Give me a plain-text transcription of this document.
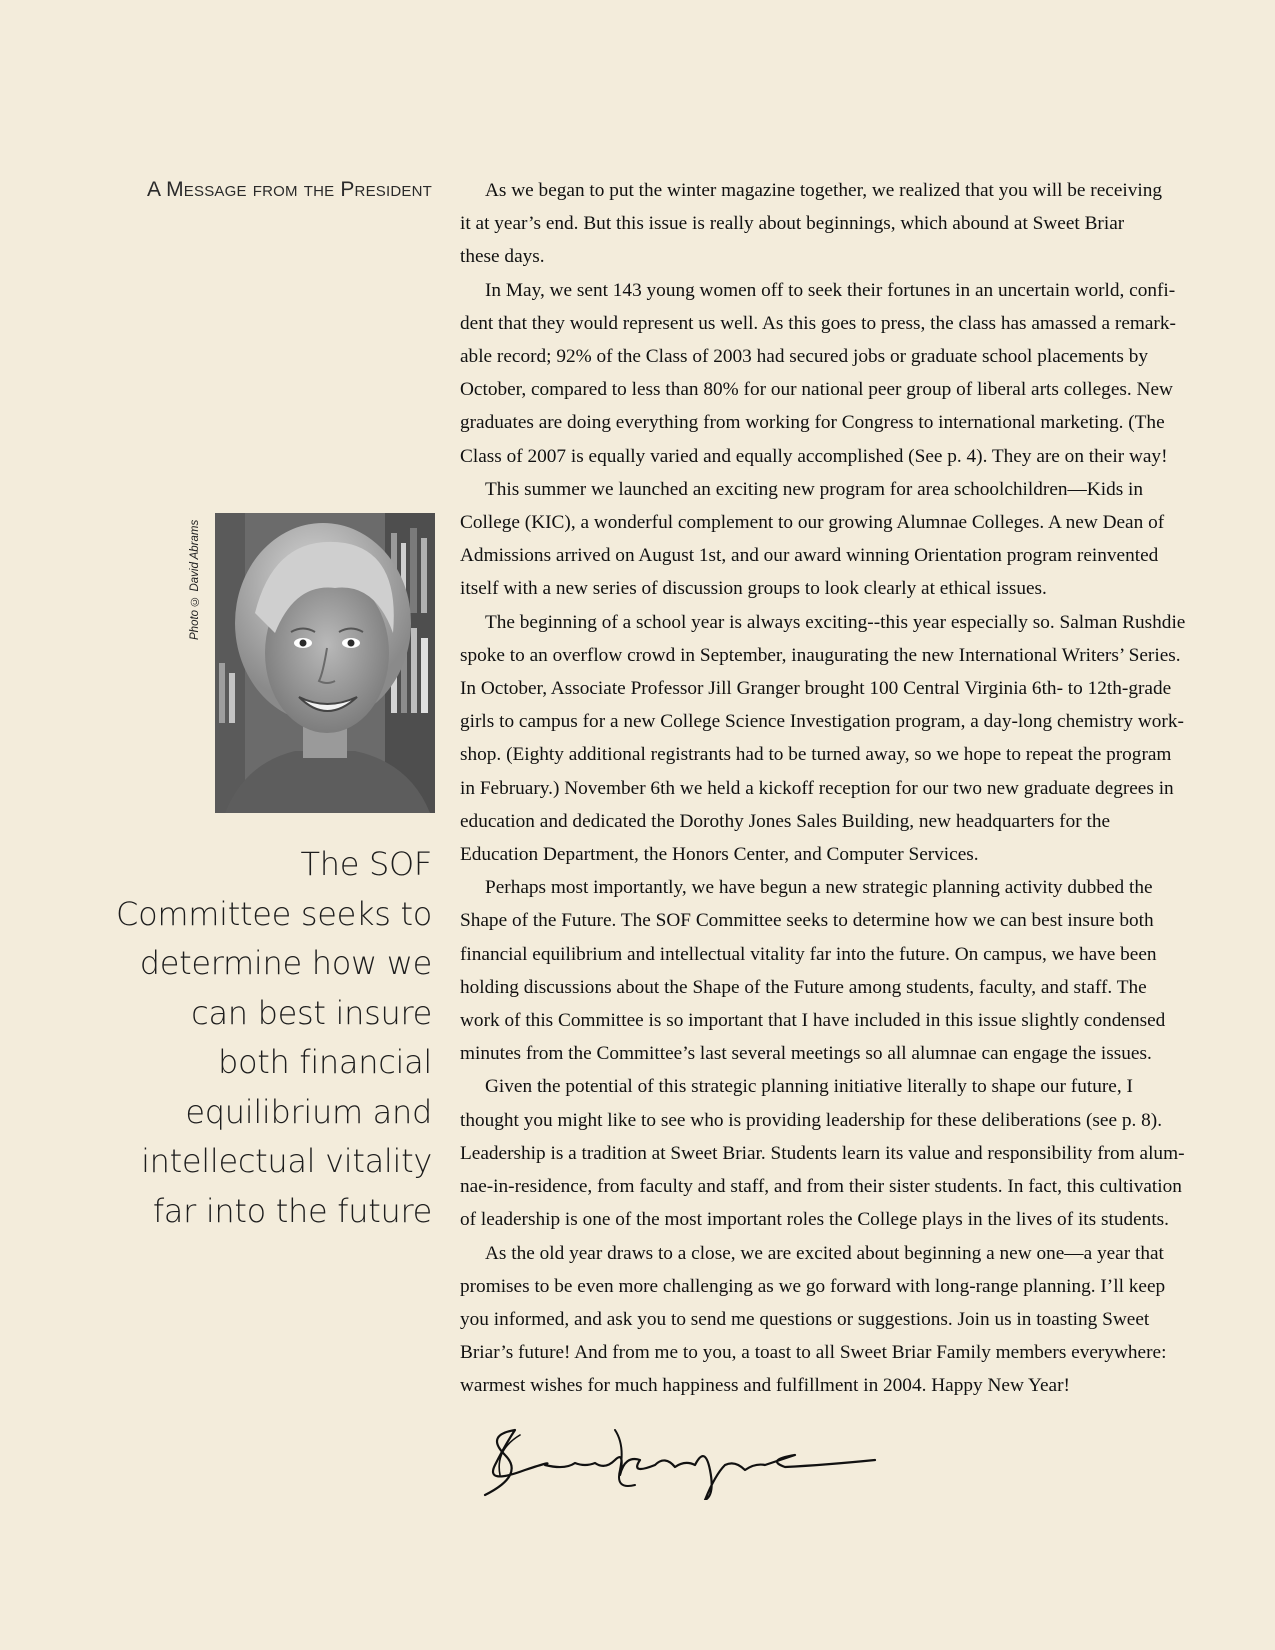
A Message from the President
Photo © David Abrams
The SOF
Committee seeks to
determine how we
can best insure
both financial
equilibrium and
intellectual vitality
far into the future

As we began to put the winter magazine together, we realized that you will be receiving
it at year’s end. But this issue is really about beginnings, which abound at Sweet Briar
these days.

In May, we sent 143 young women off to seek their fortunes in an uncertain world, confi-
dent that they would represent us well. As this goes to press, the class has amassed a remark-
able record; 92% of the Class of 2003 had secured jobs or graduate school placements by
October, compared to less than 80% for our national peer group of liberal arts colleges. New
graduates are doing everything from working for Congress to international marketing. (The
Class of 2007 is equally varied and equally accomplished (See p. 4). They are on their way!

This summer we launched an exciting new program for area schoolchildren—Kids in
College (KIC), a wonderful complement to our growing Alumnae Colleges. A new Dean of
Admissions arrived on August 1st, and our award winning Orientation program reinvented
itself with a new series of discussion groups to look clearly at ethical issues.

The beginning of a school year is always exciting--this year especially so. Salman Rushdie
spoke to an overflow crowd in September, inaugurating the new International Writers’ Series.
In October, Associate Professor Jill Granger brought 100 Central Virginia 6th- to 12th-grade
girls to campus for a new College Science Investigation program, a day-long chemistry work-
shop. (Eighty additional registrants had to be turned away, so we hope to repeat the program
in February.) November 6th we held a kickoff reception for our two new graduate degrees in
education and dedicated the Dorothy Jones Sales Building, new headquarters for the
Education Department, the Honors Center, and Computer Services.

Perhaps most importantly, we have begun a new strategic planning activity dubbed the
Shape of the Future. The SOF Committee seeks to determine how we can best insure both
financial equilibrium and intellectual vitality far into the future. On campus, we have been
holding discussions about the Shape of the Future among students, faculty, and staff. The
work of this Committee is so important that I have included in this issue slightly condensed
minutes from the Committee’s last several meetings so all alumnae can engage the issues.

Given the potential of this strategic planning initiative literally to shape our future, I
thought you might like to see who is providing leadership for these deliberations (see p. 8).
Leadership is a tradition at Sweet Briar. Students learn its value and responsibility from alum-
nae-in-residence, from faculty and staff, and from their sister students. In fact, this cultivation
of leadership is one of the most important roles the College plays in the lives of its students.

As the old year draws to a close, we are excited about beginning a new one—a year that
promises to be even more challenging as we go forward with long-range planning. I’ll keep
you informed, and ask you to send me questions or suggestions. Join us in toasting Sweet
Briar’s future! And from me to you, a toast to all Sweet Briar Family members everywhere:
warmest wishes for much happiness and fulfillment in 2004. Happy New Year!
